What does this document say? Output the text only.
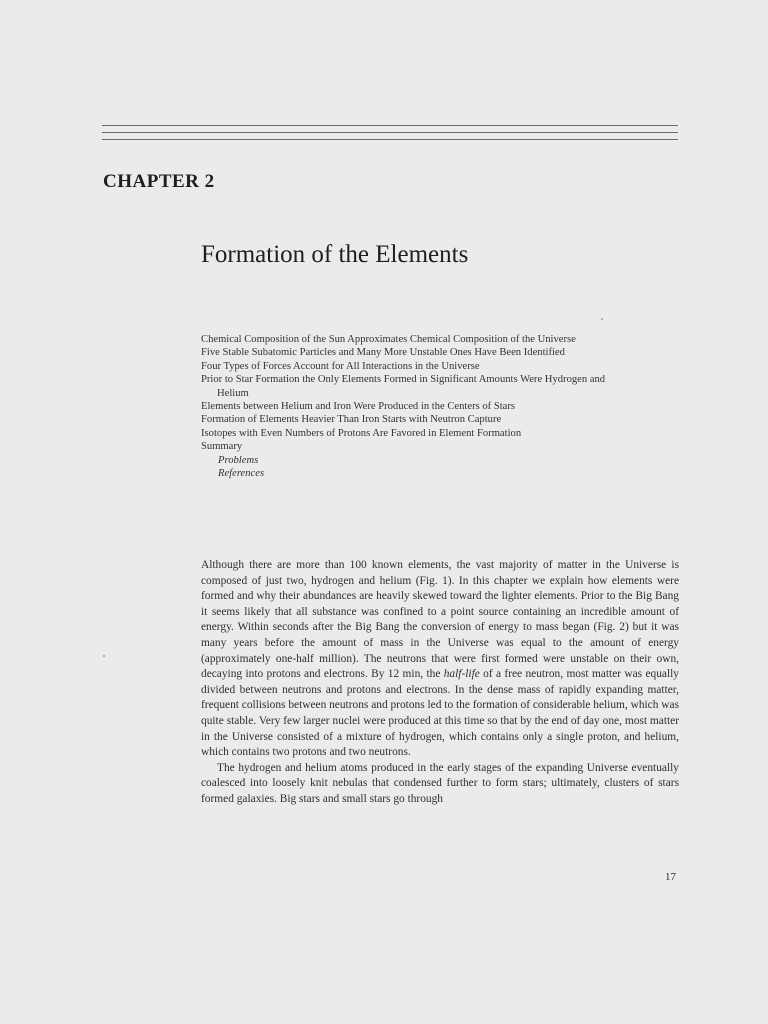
CHAPTER 2
Formation of the Elements
Chemical Composition of the Sun Approximates Chemical Composition of the Universe
Five Stable Subatomic Particles and Many More Unstable Ones Have Been Identified
Four Types of Forces Account for All Interactions in the Universe
Prior to Star Formation the Only Elements Formed in Significant Amounts Were Hydrogen and
Helium
Elements between Helium and Iron Were Produced in the Centers of Stars
Formation of Elements Heavier Than Iron Starts with Neutron Capture
Isotopes with Even Numbers of Protons Are Favored in Element Formation
Summary
Problems
References

Although there are more than 100 known elements, the vast majority of matter in the Universe is composed of just two, hydrogen and helium (Fig. 1). In this chapter we explain how elements were formed and why their abundances are heavily skewed toward the lighter elements. Prior to the Big Bang it seems likely that all substance was confined to a point source containing an incredible amount of energy. Within seconds after the Big Bang the conversion of energy to mass began (Fig. 2) but it was many years before the amount of mass in the Universe was equal to the amount of energy (approximately one-half million). The neutrons that were first formed were unstable on their own, decaying into protons and electrons. By 12 min, the half-life of a free neutron, most matter was equally divided between neutrons and protons and electrons. In the dense mass of rapidly expanding matter, frequent collisions between neutrons and protons led to the formation of considerable helium, which was quite stable. Very few larger nuclei were produced at this time so that by the end of day one, most matter in the Universe consisted of a mixture of hydrogen, which contains only a single proton, and helium, which contains two protons and two neutrons.

The hydrogen and helium atoms produced in the early stages of the expanding Universe eventually coalesced into loosely knit nebulas that condensed further to form stars; ultimately, clusters of stars formed galaxies. Big stars and small stars go through

17
